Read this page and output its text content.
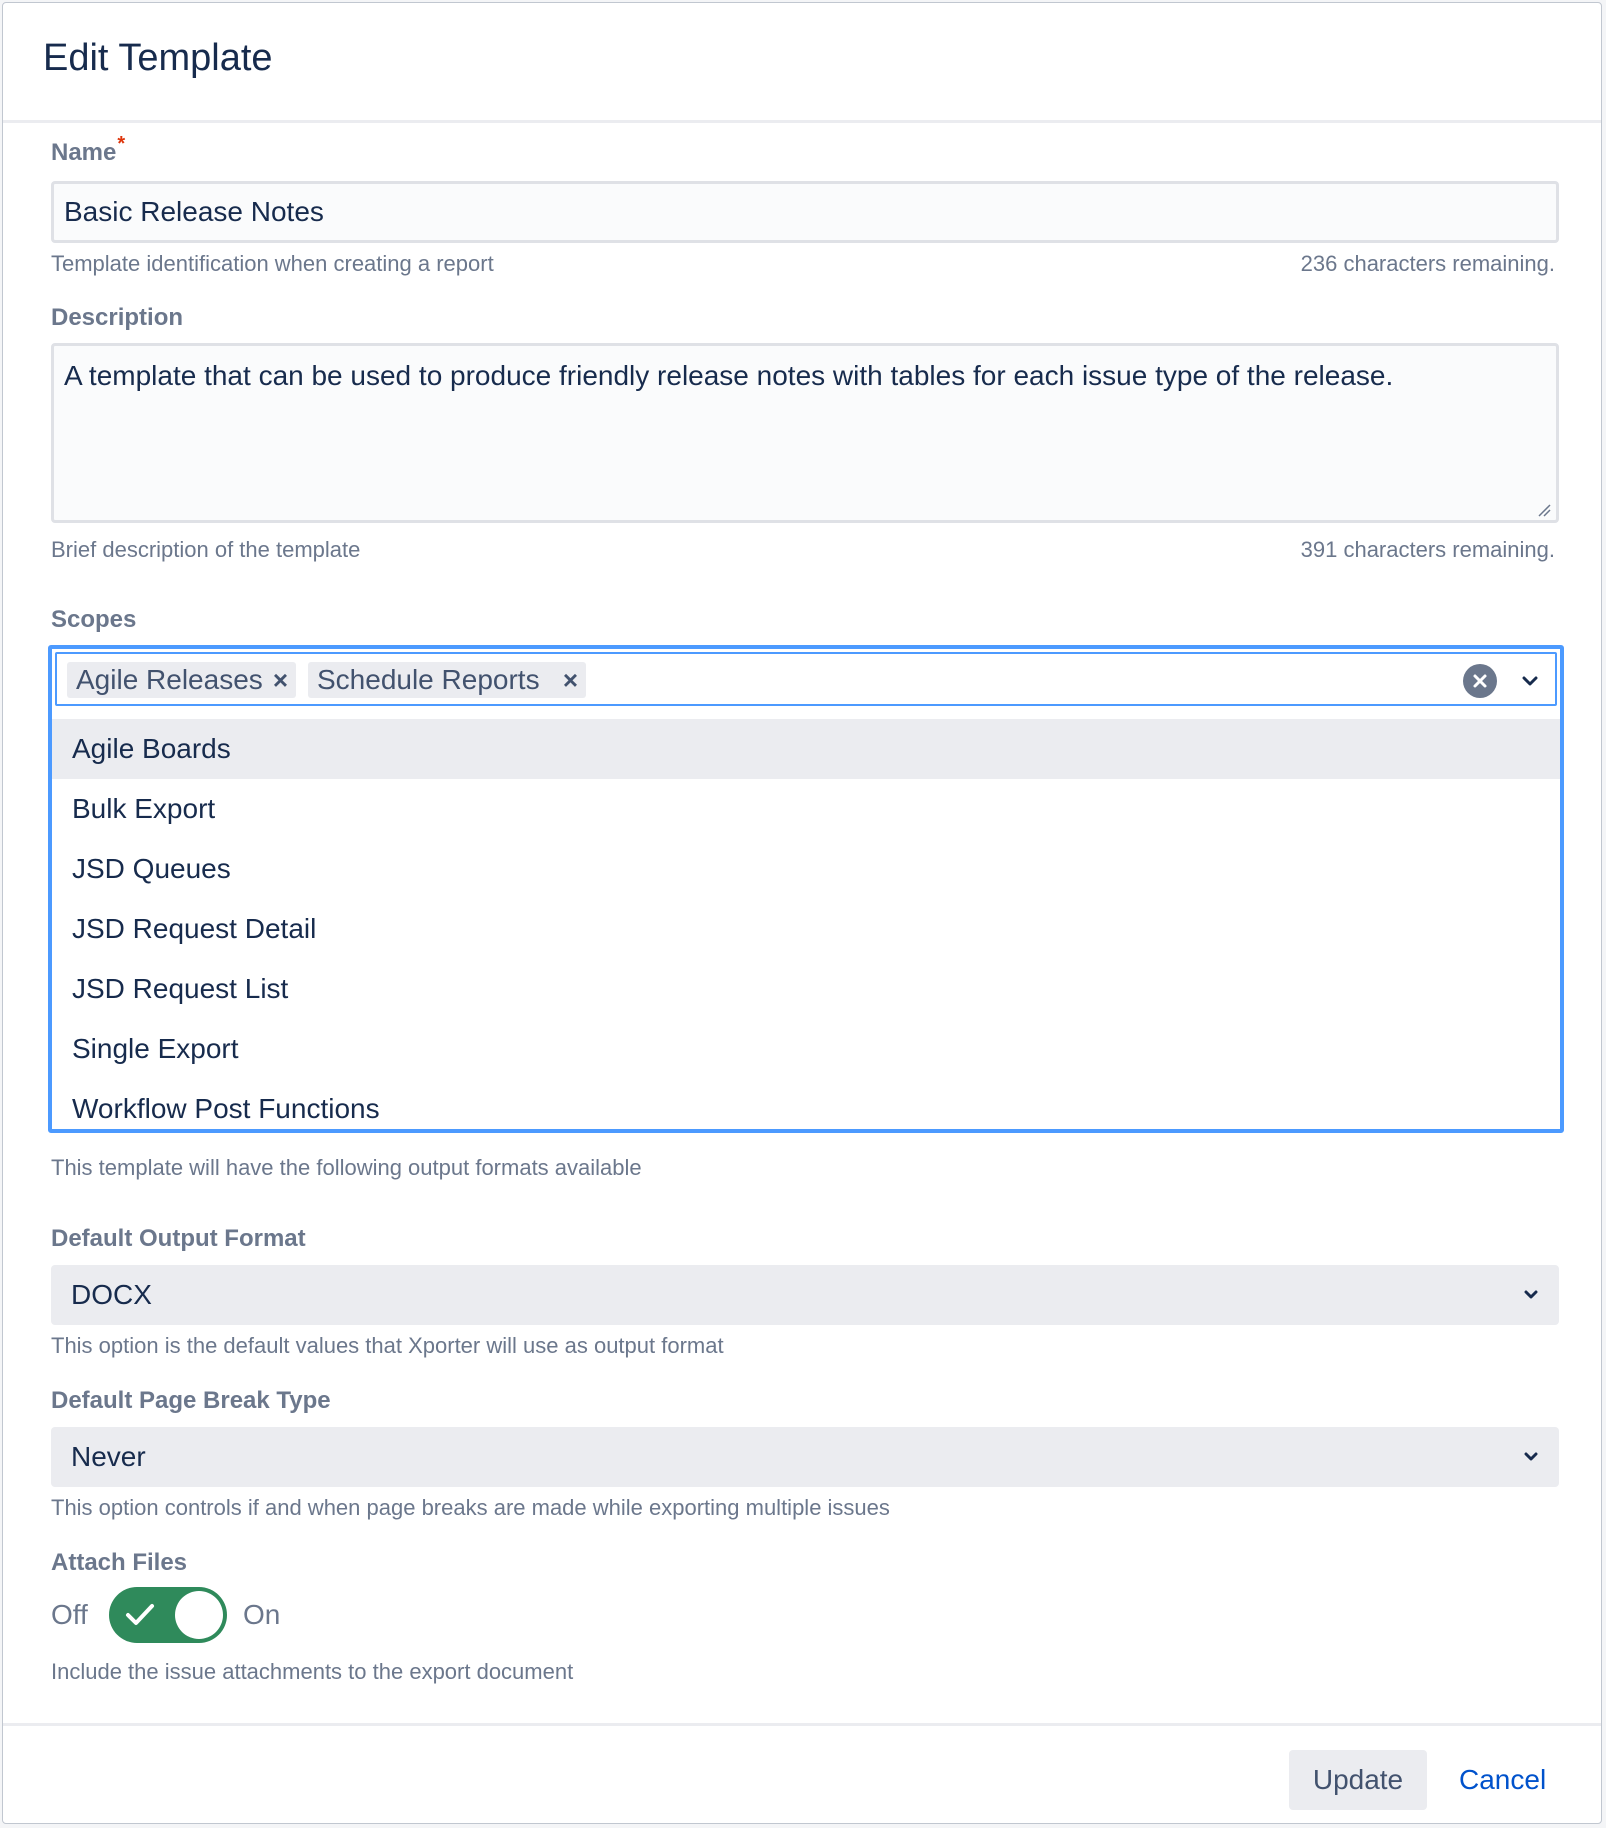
Edit Template
Name*
Basic Release Notes
Template identification when creating a report	236 characters remaining.
Description
A template that can be used to produce friendly release notes with tables for each issue type of the release.
Brief description of the template	391 characters remaining.
Scopes
Agile Releases ×	Schedule Reports ×
Agile Boards
Bulk Export
JSD Queues
JSD Request Detail
JSD Request List
Single Export
Workflow Post Functions
This template will have the following output formats available
Default Output Format
DOCX
This option is the default values that Xporter will use as output format
Default Page Break Type
Never
This option controls if and when page breaks are made while exporting multiple issues
Attach Files
Off	On
Include the issue attachments to the export document
Update	Cancel
